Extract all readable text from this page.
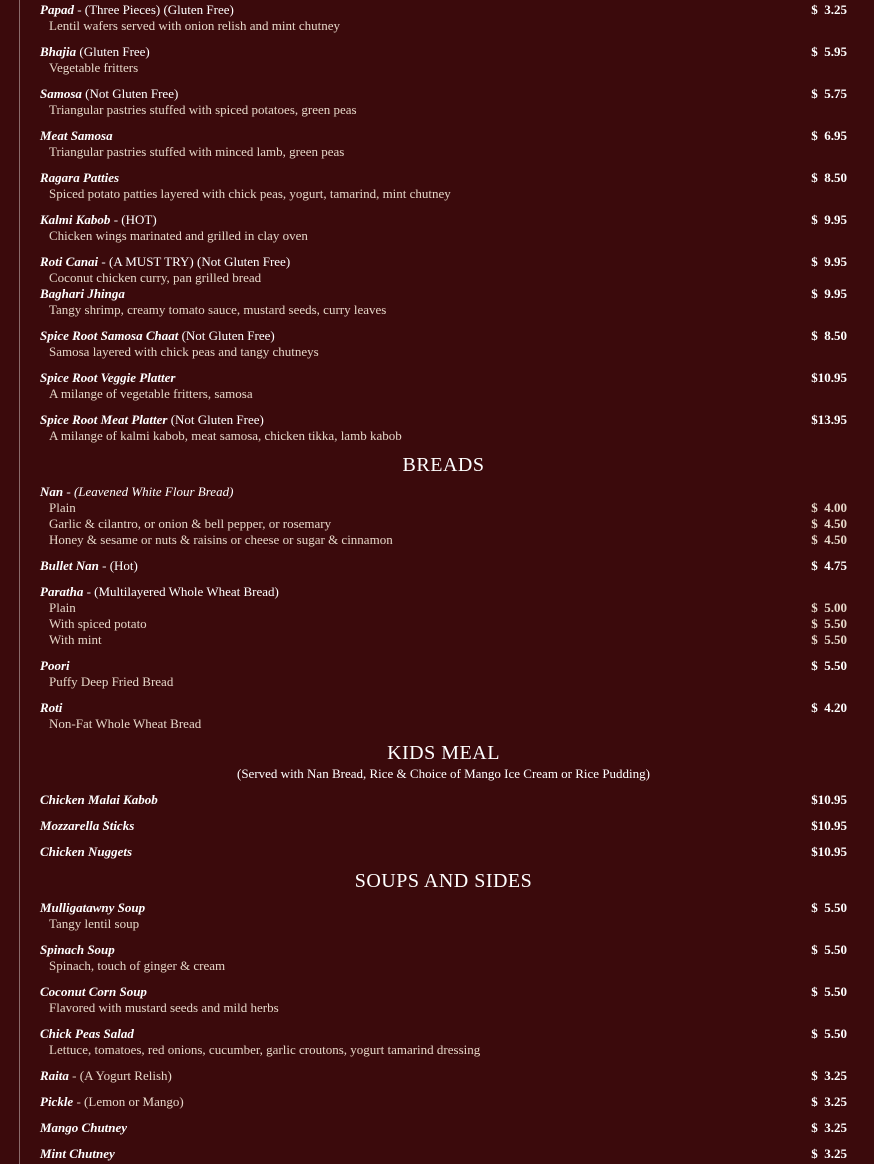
Papad - (Three Pieces) (Gluten Free)	$  3.25
Lentil wafers served with onion relish and mint chutney
Bhajia (Gluten Free)	$  5.95
Vegetable fritters
Samosa (Not Gluten Free)	$  5.75
Triangular pastries stuffed with spiced potatoes, green peas
Meat Samosa	$  6.95
Triangular pastries stuffed with minced lamb, green peas
Ragara Patties	$  8.50
Spiced potato patties layered with chick peas, yogurt, tamarind, mint chutney
Kalmi Kabob - (HOT)	$  9.95
Chicken wings marinated and grilled in clay oven
Roti Canai - (A MUST TRY) (Not Gluten Free)	$  9.95
Coconut chicken curry, pan grilled bread
Baghari Jhinga	$  9.95
Tangy shrimp, creamy tomato sauce, mustard seeds, curry leaves
Spice Root Samosa Chaat (Not Gluten Free)	$  8.50
Samosa layered with chick peas and tangy chutneys
Spice Root Veggie Platter	$10.95
A milange of vegetable fritters, samosa
Spice Root Meat Platter (Not Gluten Free)	$13.95
A milange of kalmi kabob, meat samosa, chicken tikka, lamb kabob
BREADS
Nan - (Leavened White Flour Bread)
Plain	$  4.00
Garlic & cilantro, or onion & bell pepper, or rosemary	$  4.50
Honey & sesame or nuts & raisins or cheese or sugar & cinnamon	$  4.50
Bullet Nan - (Hot)	$  4.75
Paratha - (Multilayered Whole Wheat Bread)
Plain	$  5.00
With spiced potato	$  5.50
With mint	$  5.50
Poori	$  5.50
Puffy Deep Fried Bread
Roti	$  4.20
Non-Fat Whole Wheat Bread
KIDS MEAL
(Served with Nan Bread, Rice & Choice of Mango Ice Cream or Rice Pudding)
Chicken Malai Kabob	$10.95
Mozzarella Sticks	$10.95
Chicken Nuggets	$10.95
SOUPS AND SIDES
Mulligatawny Soup	$  5.50
Tangy lentil soup
Spinach Soup	$  5.50
Spinach, touch of ginger & cream
Coconut Corn Soup	$  5.50
Flavored with mustard seeds and mild herbs
Chick Peas Salad	$  5.50
Lettuce, tomatoes, red onions, cucumber, garlic croutons, yogurt tamarind dressing
Raita - (A Yogurt Relish)	$  3.25
Pickle - (Lemon or Mango)	$  3.25
Mango Chutney	$  3.25
Mint Chutney	$  3.25
